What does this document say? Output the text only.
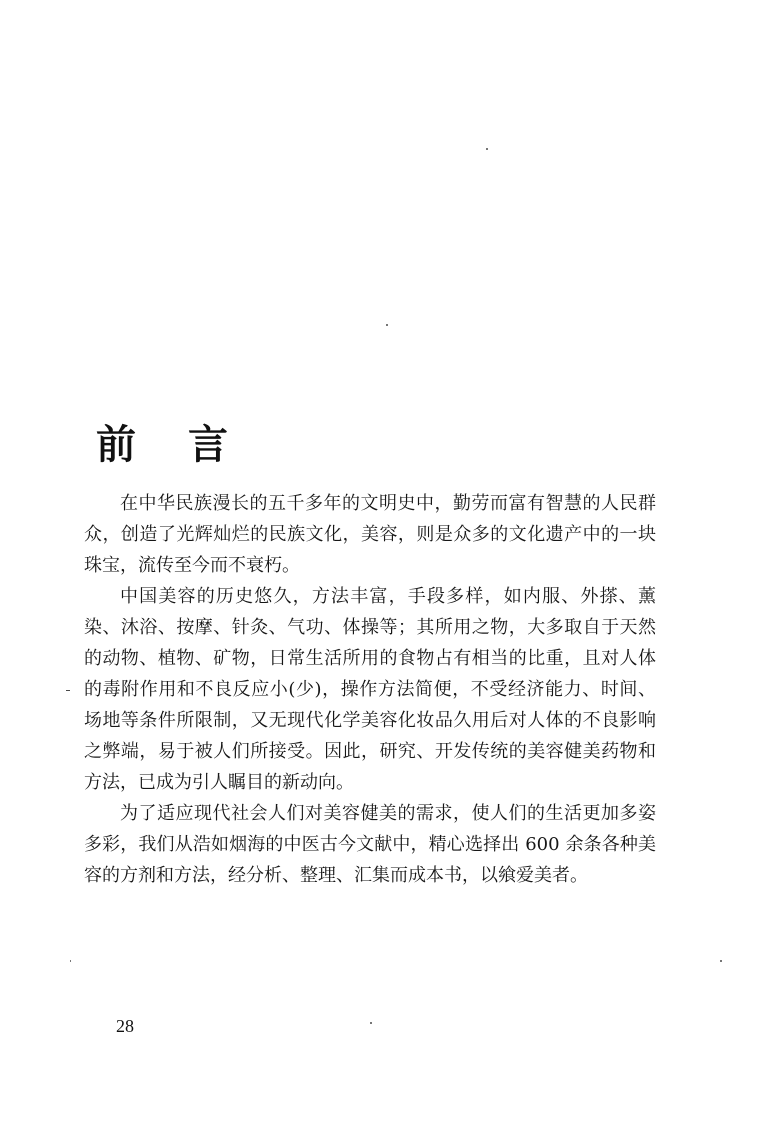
前 言

在中华民族漫长的五千多年的文明史中，勤劳而富有智慧的人民群众，创造了光辉灿烂的民族文化，美容，则是众多的文化遗产中的一块珠宝，流传至今而不衰朽。

中国美容的历史悠久，方法丰富，手段多样，如内服、外搽、薰染、沐浴、按摩、针灸、气功、体操等；其所用之物，大多取自于天然的动物、植物、矿物，日常生活所用的食物占有相当的比重，且对人体的毒附作用和不良反应小(少)，操作方法简便，不受经济能力、时间、场地等条件所限制，又无现代化学美容化妆品久用后对人体的不良影响之弊端，易于被人们所接受。因此，研究、开发传统的美容健美药物和方法，已成为引人瞩目的新动向。

为了适应现代社会人们对美容健美的需求，使人们的生活更加多姿多彩，我们从浩如烟海的中医古今文献中，精心选择出 600 余条各种美容的方剂和方法，经分析、整理、汇集而成本书，以飨爱美者。

28
